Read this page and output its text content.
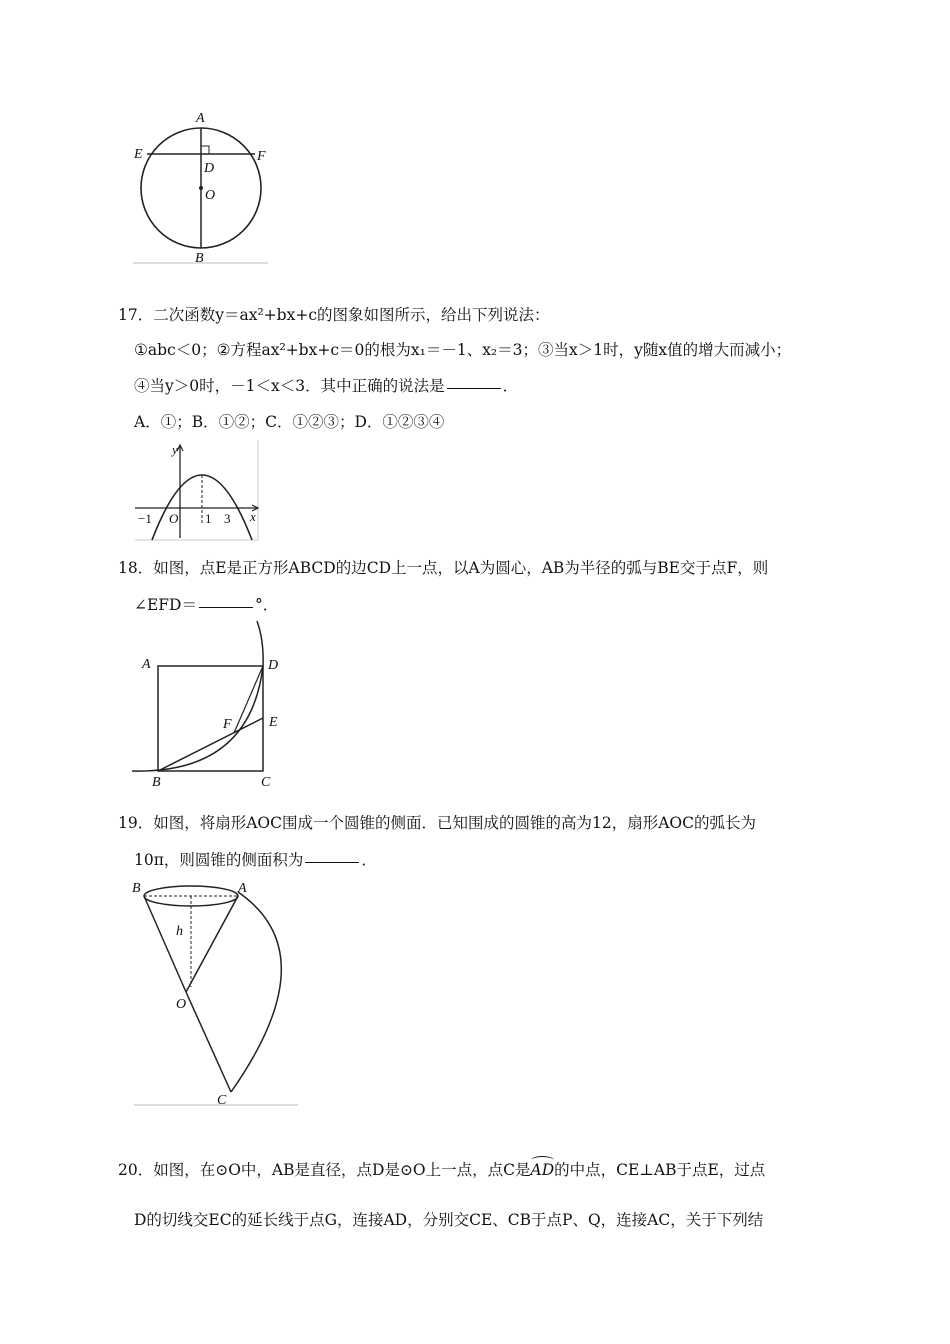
A
E	F
D
O
B
17．二次函数y＝ax²+bx+c的图象如图所示，给出下列说法：
①abc＜0；②方程ax²+bx+c＝0的根为x₁＝－1、x₂＝3；③当x＞1时，y随x值的增大而减小；
④当y＞0时，－1＜x＜3．其中正确的说法是	．
A．①；B．①②；C．①②③；D．①②③④
y
O 1 3 x
−1
18．如图，点E是正方形ABCD的边CD上一点，以A为圆心，AB为半径的弧与BE交于点F，则
∠EFD＝	°．
A	D
F	E
B	C
19．如图，将扇形AOC围成一个圆锥的侧面．已知围成的圆锥的高为12，扇形AOC的弧长为
10π，则圆锥的侧面积为	．
B	A
h
O
C
20．如图，在⊙O中，AB是直径，点D是⊙O上一点，点C是
AD的中点，CE⊥AB于点E，过点
D的切线交EC的延长线于点G，连接AD，分别交CE、CB于点P、Q，连接AC，关于下列结
